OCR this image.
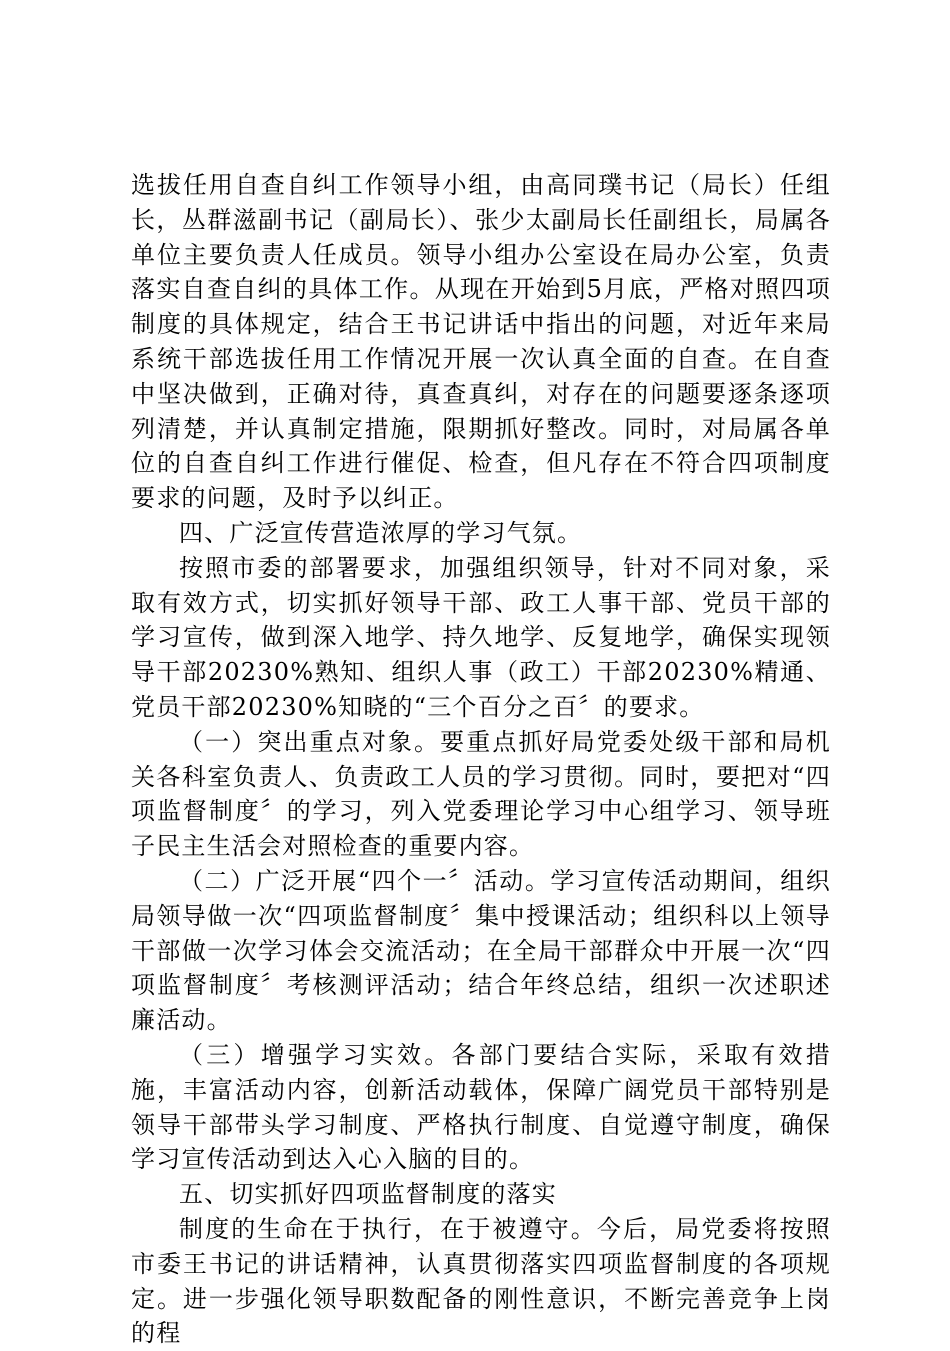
选拔任用自查自纠工作领导小组，由高同璞书记（局长）任组长，丛群滋副书记（副局长）、张少太副局长任副组长，局属各单位主要负责人任成员。领导小组办公室设在局办公室，负责落实自查自纠的具体工作。从现在开始到5月底，严格对照四项制度的具体规定，结合王书记讲话中指出的问题，对近年来局系统干部选拔任用工作情况开展一次认真全面的自查。在自查中坚决做到，正确对待，真查真纠，对存在的问题要逐条逐项列清楚，并认真制定措施，限期抓好整改。同时，对局属各单位的自查自纠工作进行催促、检查，但凡存在不符合四项制度要求的问题，及时予以纠正。

四、广泛宣传营造浓厚的学习气氛。

按照市委的部署要求，加强组织领导，针对不同对象，采取有效方式，切实抓好领导干部、政工人事干部、党员干部的学习宣传，做到深入地学、持久地学、反复地学，确保实现领导干部20230%熟知、组织人事（政工）干部20230%精通、党员干部20230%知晓的“三个百分之百〞的要求。

（一）突出重点对象。要重点抓好局党委处级干部和局机关各科室负责人、负责政工人员的学习贯彻。同时，要把对“四项监督制度〞的学习，列入党委理论学习中心组学习、领导班子民主生活会对照检查的重要内容。

（二）广泛开展“四个一〞活动。学习宣传活动期间，组织局领导做一次“四项监督制度〞集中授课活动；组织科以上领导干部做一次学习体会交流活动；在全局干部群众中开展一次“四项监督制度〞考核测评活动；结合年终总结，组织一次述职述廉活动。

（三）增强学习实效。各部门要结合实际，采取有效措施，丰富活动内容，创新活动载体，保障广阔党员干部特别是领导干部带头学习制度、严格执行制度、自觉遵守制度，确保学习宣传活动到达入心入脑的目的。

五、切实抓好四项监督制度的落实

制度的生命在于执行，在于被遵守。今后，局党委将按照市委王书记的讲话精神，认真贯彻落实四项监督制度的各项规定。进一步强化领导职数配备的刚性意识，不断完善竞争上岗的程
